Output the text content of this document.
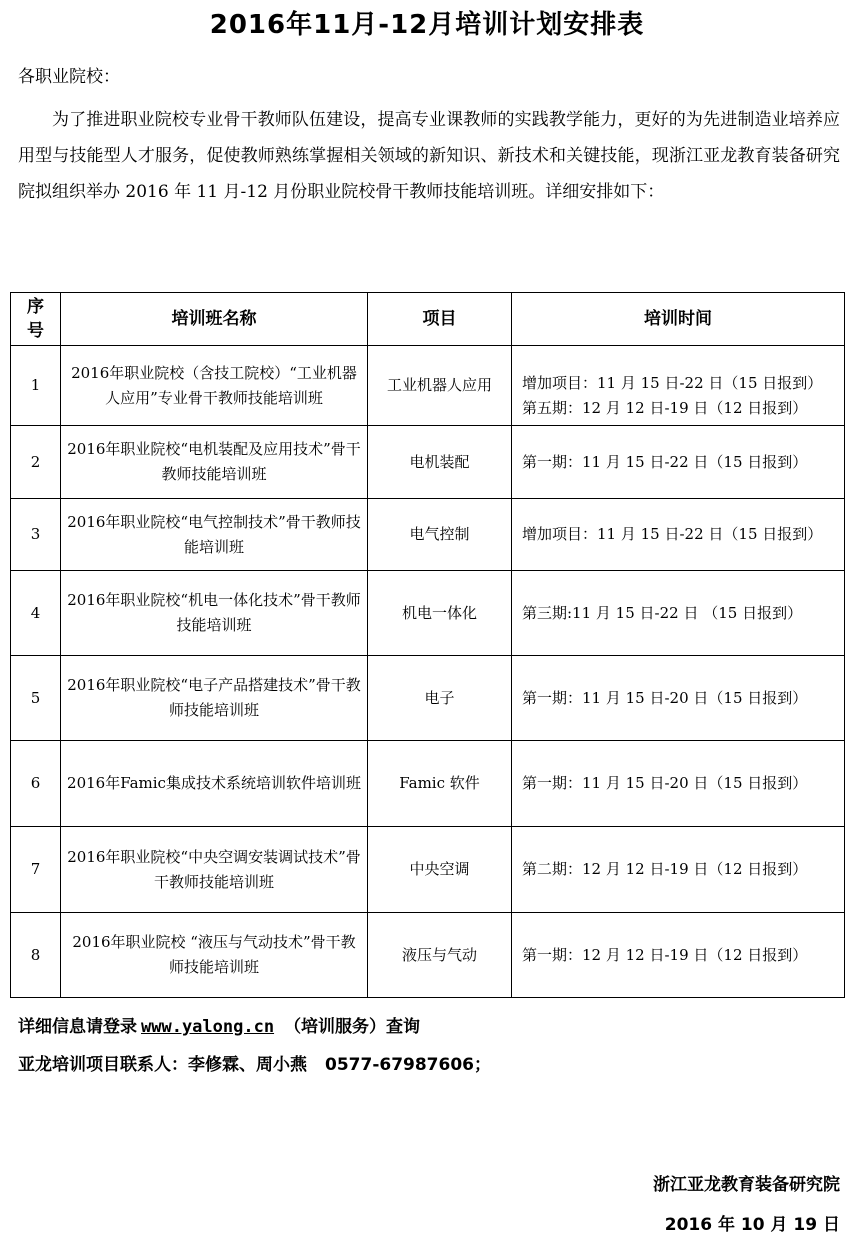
2016年11月-12月培训计划安排表
各职业院校：

为了推进职业院校专业骨干教师队伍建设，提高专业课教师的实践教学能力，更好的为先进制造业培养应用型与技能型人才服务，促使教师熟练掌握相关领域的新知识、新技术和关键技能，现浙江亚龙教育装备研究院拟组织举办 2016 年 11 月-12 月份职业院校骨干教师技能培训班。详细安排如下：

序号	培训班名称	项目	培训时间
1	2016年职业院校（含技工院校）“工业机器人应用”专业骨干教师技能培训班	工业机器人应用	增加项目：11 月 15 日-22 日（15 日报到）
第五期：12 月 12 日-19 日（12 日报到）

2	2016年职业院校“电机装配及应用技术”骨干教师技能培训班	电机装配	第一期：11 月 15 日-22 日（15 日报到）

3	2016年职业院校“电气控制技术”骨干教师技能培训班	电气控制	增加项目：11 月 15 日-22 日（15 日报到）

4	2016年职业院校“机电一体化技术”骨干教师技能培训班	机电一体化	第三期:11 月 15 日-22 日 （15 日报到）

5	2016年职业院校“电子产品搭建技术”骨干教师技能培训班	电子	第一期：11 月 15 日-20 日（15 日报到）

6	2016年Famic集成技术系统培训软件培训班	Famic 软件	第一期：11 月 15 日-20 日（15 日报到）

7	2016年职业院校“中央空调安装调试技术”骨干教师技能培训班	中央空调	第二期：12 月 12 日-19 日（12 日报到）

8	2016年职业院校 “液压与气动技术”骨干教师技能培训班	液压与气动	第一期：12 月 12 日-19 日（12 日报到）
详细信息请登录 www.yalong.cn （培训服务）查询
亚龙培训项目联系人：李修霖、周小燕 0577-67987606；
浙江亚龙教育装备研究院
2016 年 10 月 19 日
